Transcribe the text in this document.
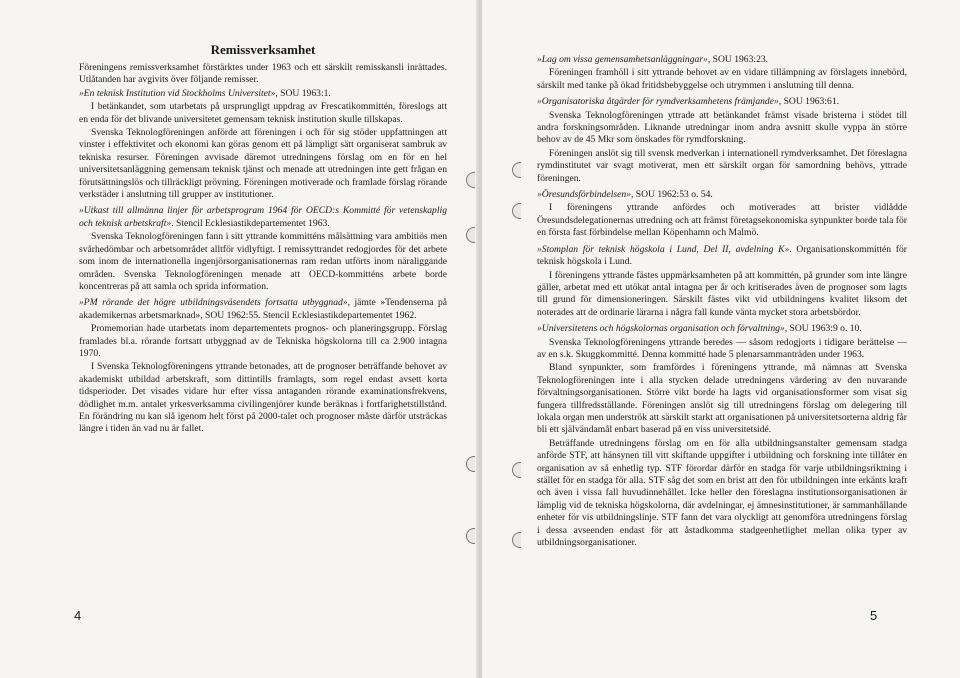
Remissverksamhet

Föreningens remissverksamhet förstärktes under 1963 och ett särskilt remisskansli inrättades. Utlåtanden har avgivits över följande remisser.

»En teknisk Institution vid Stockholms Universitet», SOU 1963:1.

I betänkandet, som utarbetats på ursprungligt uppdrag av Frescatikommittén, föreslogs att en enda för det blivande universitetet gemensam teknisk institution skulle tillskapas.

Svenska Teknologföreningen anförde att föreningen i och för sig stöder uppfattningen att vinster i effektivitet och ekonomi kan göras genom ett på lämpligt sätt organiserat sambruk av tekniska resurser. Föreningen avvisade däremot utredningens förslag om en för en hel universitetsanläggning gemensam teknisk tjänst och menade att utredningen inte gett frågan en förutsättningslös och tillräckligt prövning. Föreningen motiverade och framlade förslag rörande verkstäder i anslutning till grupper av institutioner.

»Utkast till allmänna linjer för arbetsprogram 1964 för OECD:s Kommitté för vetenskaplig och teknisk arbetskraft». Stencil Ecklesiastikdepartementet 1963.

Svenska Teknologföreningen fann i sitt yttrande kommitténs målsättning vara ambitiös men svårhedömbar och arbetsområdet alltför vidlyftigt. I remissyttrandet redogjordes för det arbete som inom de internationella ingenjörsorganisationernas ram redan utförts inom näraliggande områden. Svenska Teknologföreningen menade att OECD-kommitténs arbete borde koncentreras på att samla och sprida information.

»PM rörande det högre utbildningsväsendets fortsatta utbyggnad», jämte »Tendenserna på akademikernas arbetsmarknad», SOU 1962:55. Stencil Ecklesiastikdepartementet 1962.

Promemorian hade utarbetats inom departementets prognos- och planeringsgrupp. Förslag framlades bl.a. rörande fortsatt utbyggnad av de Tekniska högskolorna till ca 2.900 intagna 1970.

I Svenska Teknologföreningens yttrande betonades, att de prognoser beträffande behovet av akademiskt utbildad arbetskraft, som dittintills framlagts, som regel endast avsett korta tidsperioder. Det visades vidare hur efter vissa antaganden rörande examinationsfrekvens, dödlighet m.m. antalet yrkesverksamma civilingenjörer kunde beräknas i fortfarighetstillstånd. En förändring nu kan slå igenom helt först på 2000-talet och prognoser måste därför utsträckas längre i tiden än vad nu är fallet.

4

»Lag om vissa gemensamhetsanläggningar», SOU 1963:23.

Föreningen framhöll i sitt yttrande behovet av en vidare tillämpning av förslagets innebörd, särskilt med tanke på ökad fritidsbebyggelse och utrymmen i anslutning till denna.

»Organisatoriska åtgärder för rymdverksamhetens främjande», SOU 1963:61.

Svenska Teknologföreningen yttrade att betänkandet främst visade bristerna i stödet till andra forskningsområden. Liknande utredningar inom andra avsnitt skulle vyppa än större behov av de 45 Mkr som önskades för rymdforskning.

Föreningen anslöt sig till svensk medverkan i internationell rymdverksamhet. Det föreslagna rymdinstitutet var svagt motiverat, men ett särskilt organ för samordning behövs, yttrade föreningen.

»Öresundsförbindelsen», SOU 1962:53 o. 54.

I föreningens yttrande anfördes och motiverades att brister vidlådde Öresundsdelegationernas utredning och att främst företagsekonomiska synpunkter borde tala för en första fast förbindelse mellan Köpenhamn och Malmö.

»Stomplan för teknisk högskola i Lund, Del II, avdelning K». Organisationskommittén för teknisk högskola i Lund.

I föreningens yttrande fästes uppmärksamheten på att kommittén, på grunder som inte längre gäller, arbetat med ett utökat antal intagna per år och kritiserades även de prognoser som lagts till grund för dimensioneringen. Särskilt fästes vikt vid utbildningens kvalitet liksom det noterades att de ordinarie lärarna i några fall kunde vänta mycket stora arbetsbördor.

»Universitetens och högskolornas organisation och förvaltning», SOU 1963:9 o. 10.

Svenska Teknologföreningens yttrande beredes — såsom redogjorts i tidigare berättelse — av en s.k. Skuggkommitté. Denna kommitté hade 5 plenarsammanträden under 1963.

Bland synpunkter, som framfördes i föreningens yttrande, må nämnas att Svenska Teknologföreningen inte i alla stycken delade utredningens värdering av den nuvarande förvaltningsorganisationen. Större vikt borde ha lagts vid organisationsformer som visat sig fungera tillfredsställande. Föreningen anslöt sig till utredningens förslag om delegering till lokala organ men underströk att särskilt starkt att organisationen på universitetsorterna aldrig får bli ett självändamål enbart baserad på en viss universitetsidé.

Beträffande utredningens förslag om en för alla utbildningsanstalter gemensam stadga anförde STF, att hänsynen till vitt skiftande uppgifter i utbildning och forskning inte tillåter en organisation av så enhetlig typ. STF förordar därför en stadga för varje utbildningsriktning i stället för en stadga för alla. STF såg det som en brist att den för utbildningen inte erkänts kraft och även i vissa fall huvudinnehållet. Icke heller den föreslagna institutionsorganisationen är lämplig vid de tekniska högskolorna, där avdelningar, ej ämnesinstitutioner, är sammanhållande enheter för vis utbildningslinje. STF fann det vara olyckligt att genomföra utredningens förslag i dessa avseenden endast för att åstadkomma stadgeenhetlighet mellan olika typer av utbildningsorganisationer.

5
